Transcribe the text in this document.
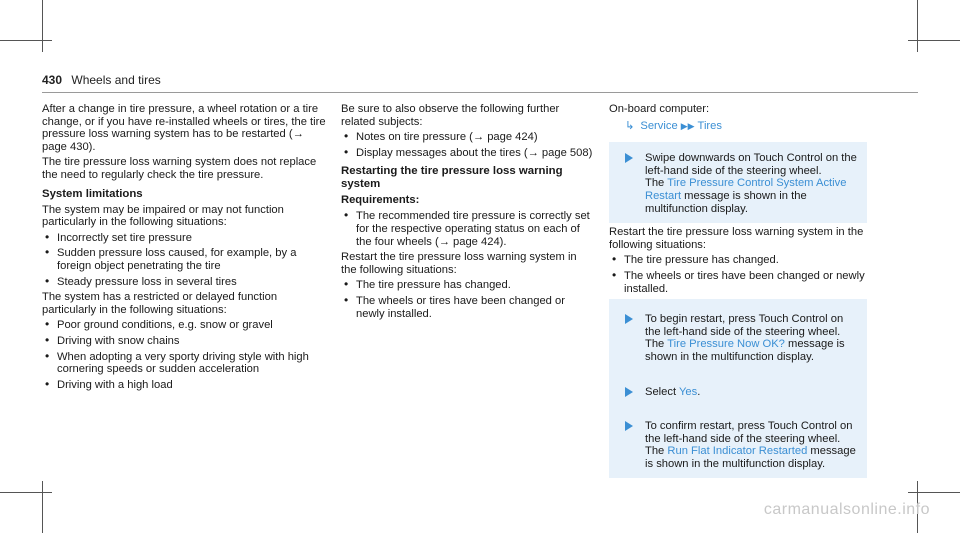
430 Wheels and tires

After a change in tire pressure, a wheel rotation or a tire change, or if you have re-installed wheels or tires, the tire pressure loss warning system has to be restarted (→ page 430).

The tire pressure loss warning system does not replace the need to regularly check the tire pressure.

System limitations

The system may be impaired or may not function particularly in the following situations:

• Incorrectly set tire pressure
• Sudden pressure loss caused, for example, by a foreign object penetrating the tire
• Steady pressure loss in several tires

The system has a restricted or delayed function particularly in the following situations:

• Poor ground conditions, e.g. snow or gravel
• Driving with snow chains
• When adopting a very sporty driving style with high cornering speeds or sudden acceleration
• Driving with a high load

Be sure to also observe the following further related subjects:

• Notes on tire pressure (→ page 424)
• Display messages about the tires (→ page 508)
Restarting the tire pressure loss warning system
Requirements:
• The recommended tire pressure is correctly set for the respective operating status on each of the four wheels (→ page 424).

Restart the tire pressure loss warning system in the following situations:

• The tire pressure has changed.
• The wheels or tires have been changed or newly installed.

On-board computer:

↳ Service ▶▶ Tires
Swipe downwards on Touch Control on the left-hand side of the steering wheel.
The Tire Pressure Control System Active Restart message is shown in the multifunction display.

Restart the tire pressure loss warning system in the following situations:

• The tire pressure has changed.
• The wheels or tires have been changed or newly installed.
To begin restart, press Touch Control on the left-hand side of the steering wheel.
The Tire Pressure Now OK? message is shown in the multifunction display.
Select Yes.
To confirm restart, press Touch Control on the left-hand side of the steering wheel.
The Run Flat Indicator Restarted message is shown in the multifunction display.
carmanualsonline.info
